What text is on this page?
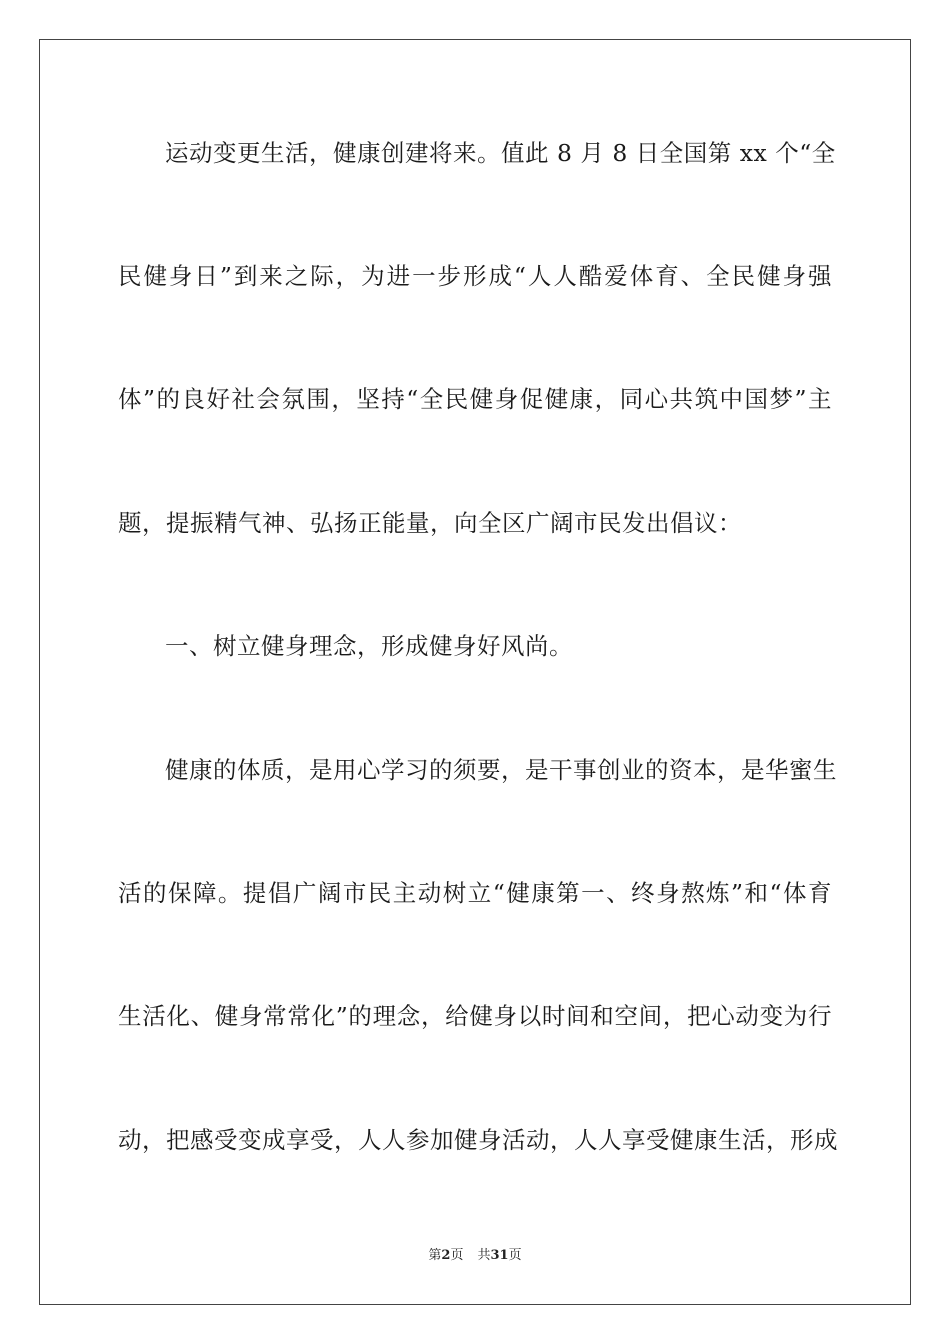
运动变更生活，健康创建将来。值此 8 月 8 日全国第 xx 个“全
民健身日”到来之际，为进一步形成“人人酷爱体育、全民健身强
体”的良好社会氛围，坚持“全民健身促健康，同心共筑中国梦”主
题，提振精气神、弘扬正能量，向全区广阔市民发出倡议：
一、树立健身理念，形成健身好风尚。
健康的体质，是用心学习的须要，是干事创业的资本，是华蜜生
活的保障。提倡广阔市民主动树立“健康第一、终身熬炼”和“体育
生活化、健身常常化”的理念，给健身以时间和空间，把心动变为行
动，把感受变成享受，人人参加健身活动，人人享受健康生活，形成
第2页 共31页
